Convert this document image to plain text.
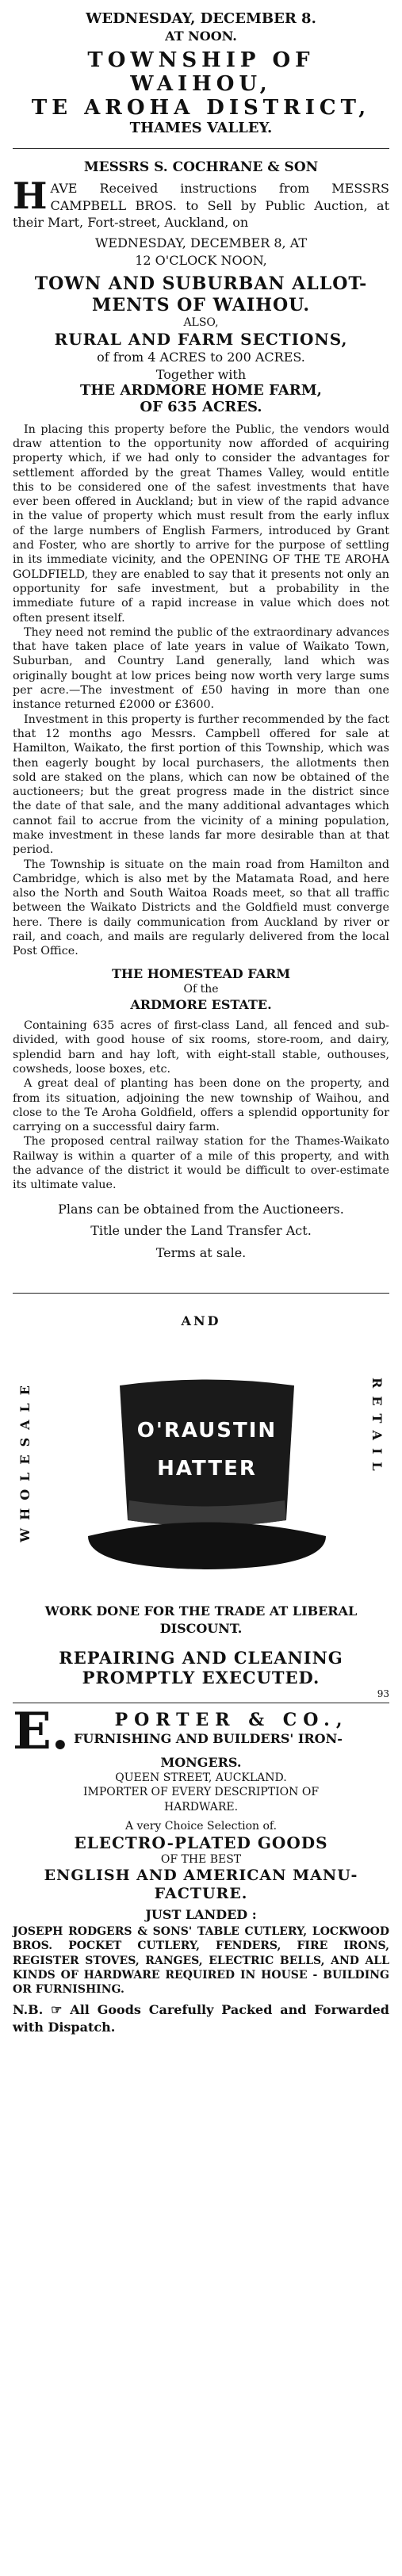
WEDNESDAY, DECEMBER 8.
AT NOON.
TOWNSHIP OF WAIHOU,
TE AROHA DISTRICT,
THAMES VALLEY.
MESSRS S. COCHRANE & SON
H AVE Received instructions from MESSRS CAMPBELL BROS. to Sell by Public Auction, at their Mart, Fort-street, Auckland, on
WEDNESDAY, DECEMBER 8, AT
12 O'CLOCK NOON,
TOWN AND SUBURBAN ALLOT-
MENTS OF WAIHOU.
ALSO,
RURAL AND FARM SECTIONS,
of from 4 ACRES to 200 ACRES.
Together with
THE ARDMORE HOME FARM,
OF 635 ACRES.

In placing this property before the Public, the vendors would draw attention to the opportunity now afforded of acquiring property which, if we had only to consider the advantages for settlement afforded by the great Thames Valley, would entitle this to be considered one of the safest investments that have ever been offered in Auckland; but in view of the rapid advance in the value of property which must result from the early influx of the large numbers of English Farmers, introduced by Grant and Foster, who are shortly to arrive for the purpose of settling in its immediate vicinity, and the OPENING OF THE TE AROHA GOLDFIELD, they are enabled to say that it presents not only an opportunity for safe investment, but a probability in the immediate future of a rapid increase in value which does not often present itself.

They need not remind the public of the extraordinary advances that have taken place of late years in value of Waikato Town, Suburban, and Country Land generally, land which was originally bought at low prices being now worth very large sums per acre.—The investment of £50 having in more than one instance returned £2000 or £3600.

Investment in this property is further recommended by the fact that 12 months ago Messrs. Campbell offered for sale at Hamilton, Waikato, the first portion of this Township, which was then eagerly bought by local purchasers, the allotments then sold are staked on the plans, which can now be obtained of the auctioneers; but the great progress made in the district since the date of that sale, and the many additional advantages which cannot fail to accrue from the vicinity of a mining population, make investment in these lands far more desirable than at that period.

The Township is situate on the main road from Hamilton and Cambridge, which is also met by the Matamata Road, and here also the North and South Waitoa Roads meet, so that all traffic between the Waikato Districts and the Goldfield must converge here. There is daily communication from Auckland by river or rail, and coach, and mails are regularly delivered from the local Post Office.

THE HOMESTEAD FARM
Of the
ARDMORE ESTATE.

Containing 635 acres of first-class Land, all fenced and sub-divided, with good house of six rooms, store-room, and dairy, splendid barn and hay loft, with eight-stall stable, outhouses, cowsheds, loose boxes, etc.

A great deal of planting has been done on the property, and from its situation, adjoining the new township of Waihou, and close to the Te Aroha Goldfield, offers a splendid opportunity for carrying on a successful dairy farm.

The proposed central railway station for the Thames-Waikato Railway is within a quarter of a mile of this property, and with the advance of the district it would be difficult to over-estimate its ultimate value.

Plans can be obtained from the Auctioneers.
Title under the Land Transfer Act.
Terms at sale.
AND
WHOLESALE	RETAIL
O'RAUSTIN
HATTER
WORK DONE FOR THE TRADE AT LIBERAL
DISCOUNT.
REPAIRING AND CLEANING
PROMPTLY EXECUTED.
93
E.	PORTER & CO.,
FURNISHING AND BUILDERS' IRON-
MONGERS.
QUEEN STREET, AUCKLAND.
IMPORTER OF EVERY DESCRIPTION OF
HARDWARE.
A very Choice Selection of.
ELECTRO-PLATED GOODS
OF THE BEST
ENGLISH AND AMERICAN MANU-
FACTURE.
JUST LANDED :

JOSEPH RODGERS & SONS' TABLE CUTLERY, LOCKWOOD BROS. POCKET CUTLERY, FENDERS, FIRE IRONS, REGISTER STOVES, RANGES, ELECTRIC BELLS, AND ALL KINDS OF HARDWARE REQUIRED IN HOUSE - BUILDING OR FURNISHING.

N.B. ☞ All Goods Carefully Packed and Forwarded with Dispatch.
